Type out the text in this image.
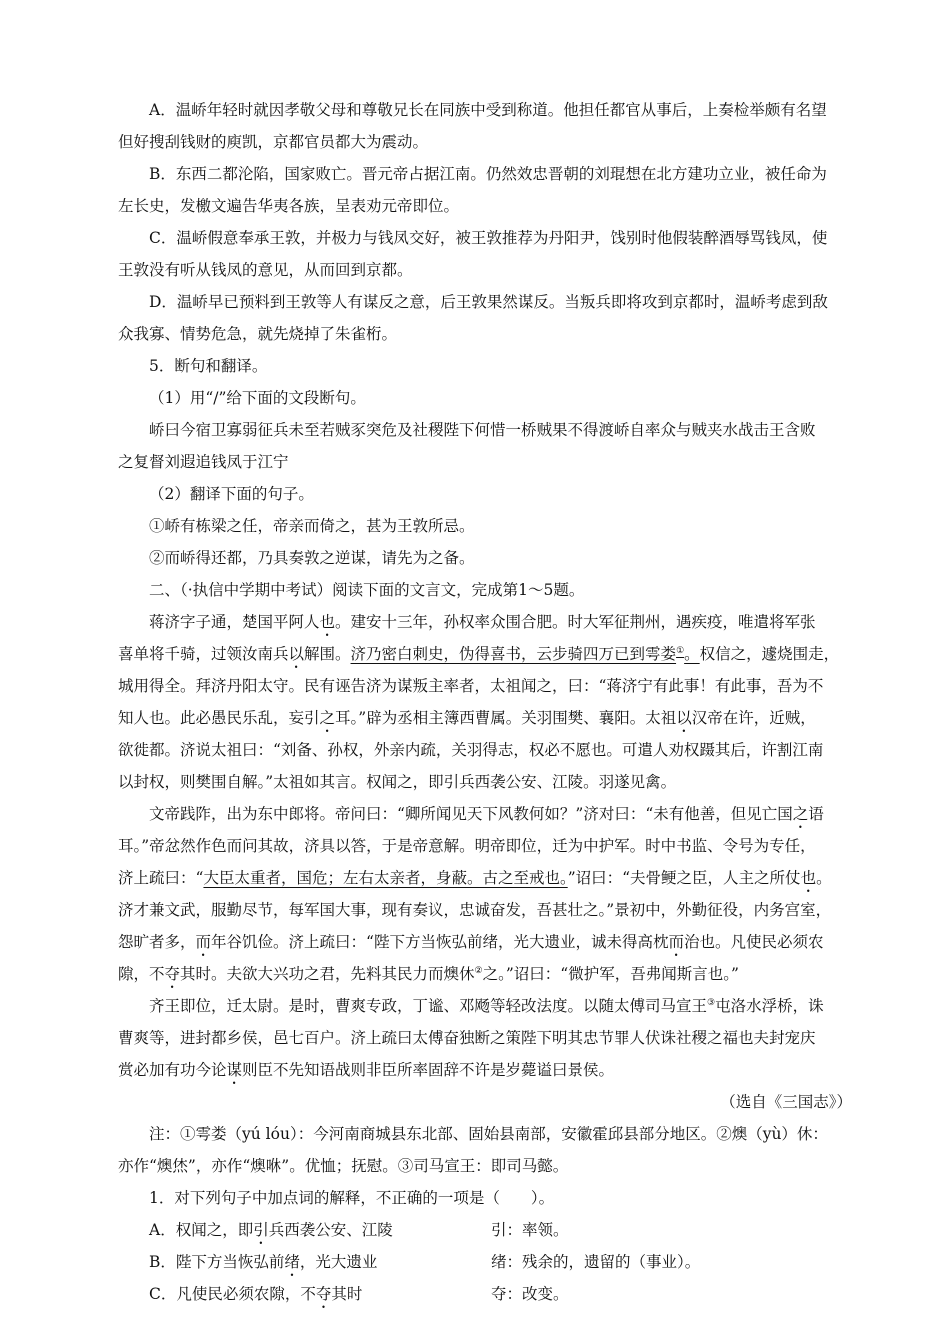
A．温峤年轻时就因孝敬父母和尊敬兄长在同族中受到称道。他担任都官从事后，上奏检举颇有名望
但好搜刮钱财的庾凯，京都官员都大为震动。
B．东西二都沦陷，国家败亡。晋元帝占据江南。仍然效忠晋朝的刘琨想在北方建功立业，被任命为
左长史，发檄文遍告华夷各族，呈表劝元帝即位。
C．温峤假意奉承王敦，并极力与钱凤交好，被王敦推荐为丹阳尹，饯别时他假装醉酒辱骂钱凤，使
王敦没有听从钱凤的意见，从而回到京都。
D．温峤早已预料到王敦等人有谋反之意，后王敦果然谋反。当叛兵即将攻到京都时，温峤考虑到敌
众我寡、情势危急，就先烧掉了朱雀桁。
5．断句和翻译。
（1）用“/”给下面的文段断句。
峤曰今宿卫寡弱征兵未至若贼豕突危及社稷陛下何惜一桥贼果不得渡峤自率众与贼夹水战击王含败
之复督刘遐追钱凤于江宁
（2）翻译下面的句子。
①峤有栋梁之任，帝亲而倚之，甚为王敦所忌。
②而峤得还都，乃具奏敦之逆谋，请先为之备。
二、（·执信中学期中考试）阅读下面的文言文，完成第1～5题。
蒋济字子通，楚国平阿人也。建安十三年，孙权率众围合肥。时大军征荆州，遇疾疫，唯遣将军张
喜单将千骑，过领汝南兵以解围。济乃密白刺史，伪得喜书，云步骑四万已到雩娄①。权信之，遽烧围走，
城用得全。拜济丹阳太守。民有诬告济为谋叛主率者，太祖闻之，曰：“蒋济宁有此事！有此事，吾为不
知人也。此必愚民乐乱，妄引之耳。”辟为丞相主簿西曹属。关羽围樊、襄阳。太祖以汉帝在许，近贼，
欲徙都。济说太祖曰：“刘备、孙权，外亲内疏，关羽得志，权必不愿也。可遣人劝权蹑其后，许割江南
以封权，则樊围自解。”太祖如其言。权闻之，即引兵西袭公安、江陵。羽遂见禽。
文帝践阼，出为东中郎将。帝问曰：“卿所闻见天下风教何如？”济对曰：“未有他善，但见亡国之语
耳。”帝忿然作色而问其故，济具以答，于是帝意解。明帝即位，迁为中护军。时中书监、令号为专任，
济上疏曰：“大臣太重者，国危；左右太亲者，身蔽。古之至戒也。”诏曰：“夫骨鲠之臣，人主之所仗也。
济才兼文武，服勤尽节，每军国大事，现有奏议，忠诚奋发，吾甚壮之。”景初中，外勤征役，内务宫室，
怨旷者多，而年谷饥俭。济上疏曰：“陛下方当恢弘前绪，光大遗业，诚未得高枕而治也。凡使民必须农
隙，不夺其时。夫欲大兴功之君，先料其民力而燠休②之。”诏曰：“微护军，吾弗闻斯言也。”
齐王即位，迁太尉。是时，曹爽专政，丁谧、邓飏等轻改法度。以随太傅司马宣王③屯洛水浮桥，诛
曹爽等，进封都乡侯，邑七百户。济上疏曰太傅奋独断之策陛下明其忠节罪人伏诛社稷之福也夫封宠庆
赏必加有功今论谋则臣不先知语战则非臣所率固辞不许是岁薨谥曰景侯。
（选自《三国志》）
注：①雩娄（yú lóu）：今河南商城县东北部、固始县南部，安徽霍邱县部分地区。②燠（yù）休：
亦作“燠烋”，亦作“燠咻”。优恤；抚慰。③司马宣王：即司马懿。
1．对下列句子中加点词的解释，不正确的一项是（　　）。
A．权闻之，即引兵西袭公安、江陵	引：率领。
B．陛下方当恢弘前绪，光大遗业	绪：残余的，遗留的（事业）。
C．凡使民必须农隙，不夺其时	夺：改变。
